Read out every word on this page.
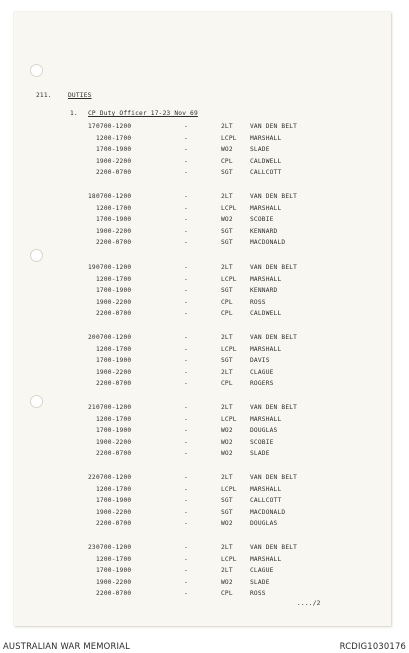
211.	DUTIES
1. CP Duty Officer 17-23 Nov 69
17 0700-1200	-	2LT	VAN DEN BELT
1200-1700	-	LCPL MARSHALL
1700-1900	-	WO2	SLADE
1900-2200	-	CPL	CALDWELL
2200-0700	-	SGT	CALLCOTT
18 0700-1200	-	2LT	VAN DEN BELT
1200-1700	-	LCPL MARSHALL
1700-1900	-	WO2	SCOBIE
1900-2200	-	SGT	KENNARD
2200-0700	-	SGT	MACDONALD
19 0700-1200	-	2LT	VAN DEN BELT
1200-1700	-	LCPL MARSHALL
1700-1900	-	SGT	KENNARD
1900-2200	-	CPL	ROSS
2200-0700	-	CPL	CALDWELL
20 0700-1200	-	2LT	VAN DEN BELT
1200-1700	-	LCPL MARSHALL
1700-1900	-	SGT	DAVIS
1900-2200	-	2LT	CLAGUE
2200-0700	-	CPL	ROGERS
21 0700-1200	-	2LT	VAN DEN BELT
1200-1700	-	LCPL MARSHALL
1700-1900	-	WO2	DOUGLAS
1900-2200	-	WO2	SCOBIE
2200-0700	-	WO2	SLADE
22 0700-1200	-	2LT	VAN DEN BELT
1200-1700	-	LCPL MARSHALL
1700-1900	-	SGT	CALLCOTT
1900-2200	-	SGT	MACDONALD
2200-0700	-	WO2	DOUGLAS
23 0700-1200	-	2LT	VAN DEN BELT
1200-1700	-	LCPL MARSHALL
1700-1900	-	2LT	CLAGUE
1900-2200	-	WO2	SLADE
2200-0700	-	CPL	ROSS
..../2
AUSTRALIAN WAR MEMORIAL	RCDIG1030176
